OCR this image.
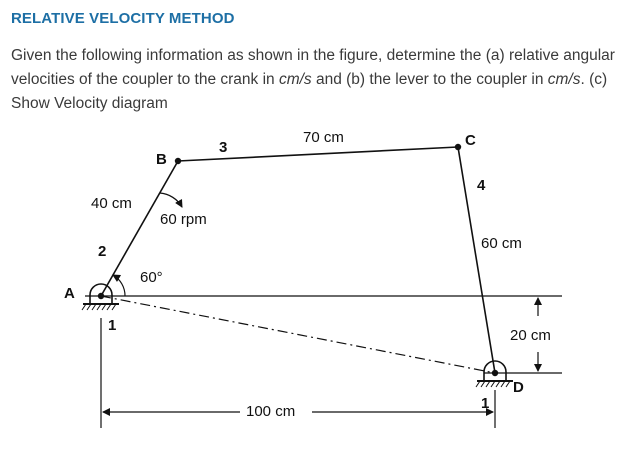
RELATIVE VELOCITY METHOD

Given the following information as shown in the figure, determine the (a) relative angular velocities of the coupler to the crank in cm/s and (b) the lever to the coupler in cm/s. (c) Show Velocity diagram

A
B
C
D
1
1
2
3
4
40 cm
70 cm
60 cm
20 cm
100 cm
60 rpm
60°
